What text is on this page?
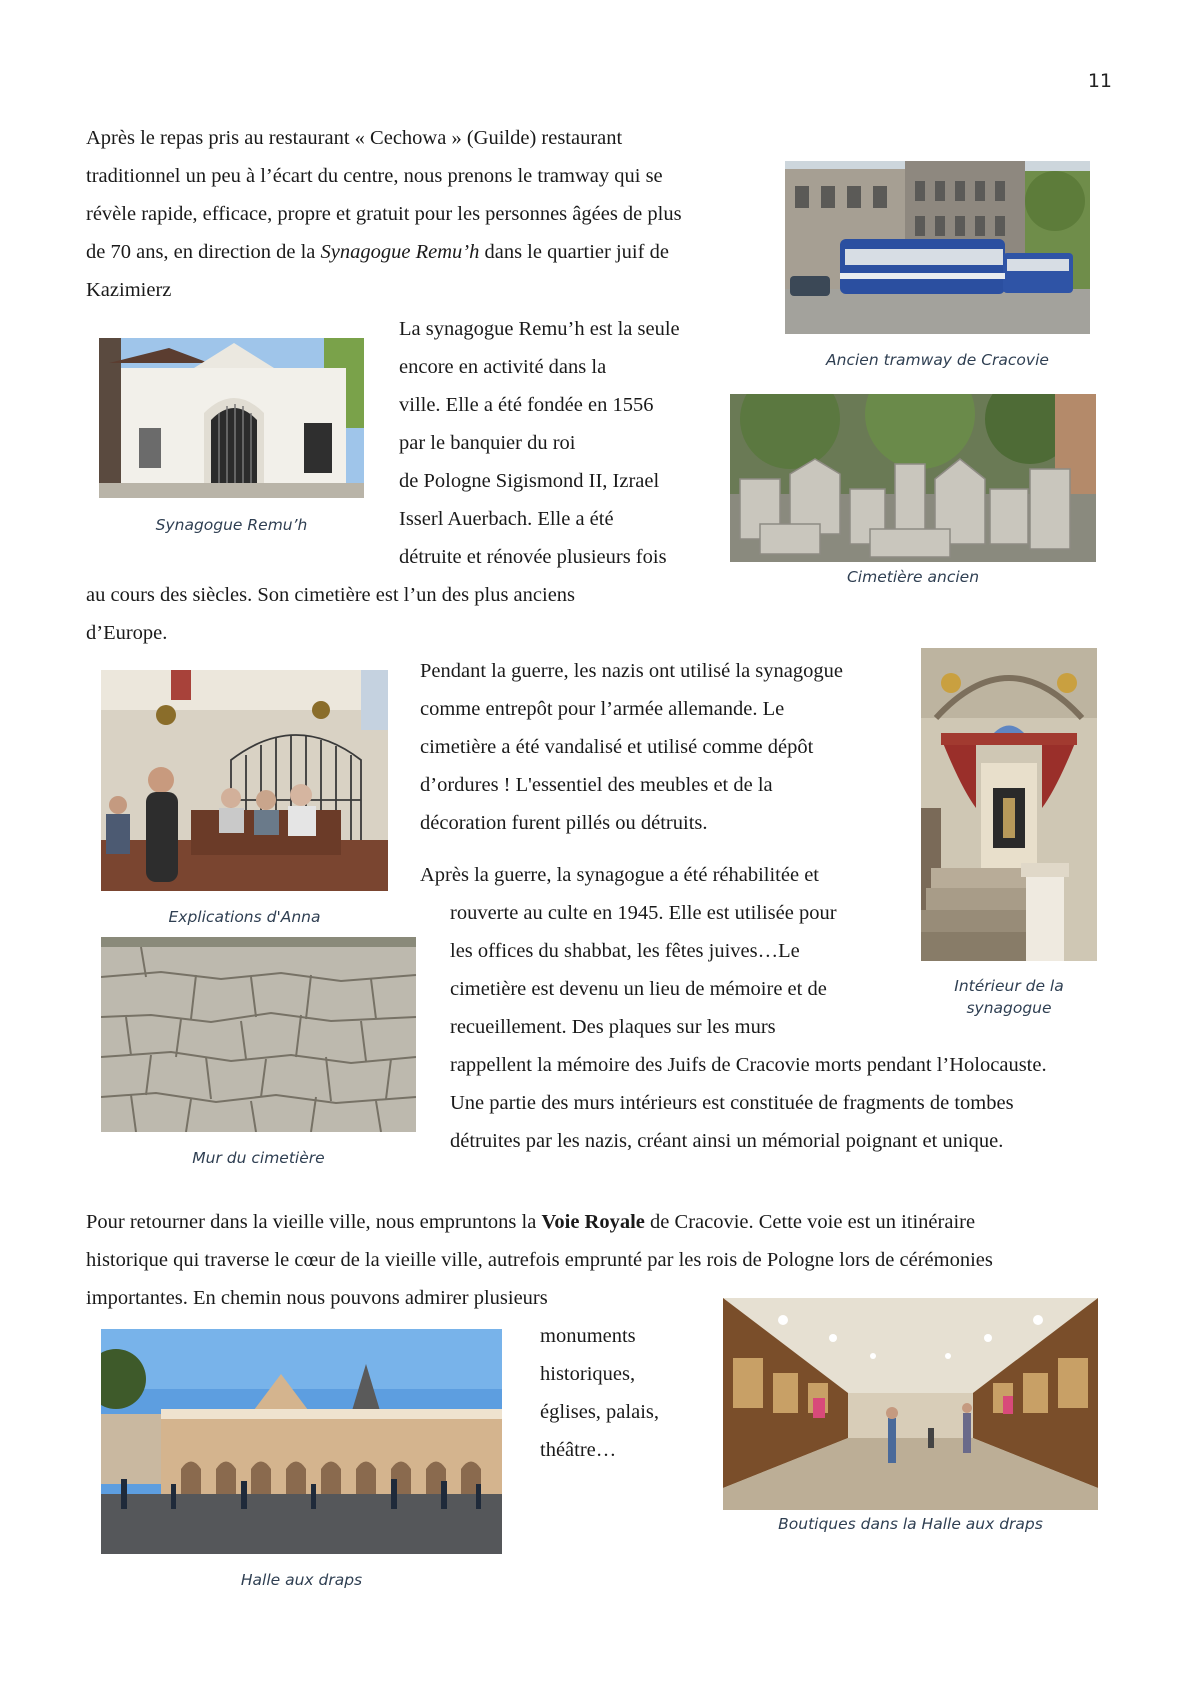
11
Après le repas pris au restaurant « Cechowa » (Guilde) restaurant
traditionnel un peu à l’écart du centre, nous prenons le tramway qui se
révèle rapide, efficace, propre et gratuit pour les personnes âgées de plus
de 70 ans, en direction de la Synagogue Remu’h dans le quartier juif de
Kazimierz
La synagogue Remu’h est la seule
encore en activité dans la
ville. Elle a été fondée en 1556
par le banquier du roi
de Pologne Sigismond II, Izrael
Isserl Auerbach. Elle a été
détruite et rénovée plusieurs fois
au cours des siècles. Son cimetière est l’un des plus anciens
d’Europe.
Pendant la guerre, les nazis ont utilisé la synagogue
comme entrepôt pour l’armée allemande. Le
cimetière a été vandalisé et utilisé comme dépôt
d’ordures ! L'essentiel des meubles et de la
décoration furent pillés ou détruits.
Après la guerre, la synagogue a été réhabilitée et
rouverte au culte en 1945. Elle est utilisée pour
les offices du shabbat, les fêtes juives…Le
cimetière est devenu un lieu de mémoire et de
recueillement. Des plaques sur les murs
rappellent la mémoire des Juifs de Cracovie morts pendant l’Holocauste.
Une partie des murs intérieurs est constituée de fragments de tombes
détruites par les nazis, créant ainsi un mémorial poignant et unique.
Pour retourner dans la vieille ville, nous empruntons la Voie Royale de Cracovie. Cette voie est un itinéraire
historique qui traverse le cœur de la vieille ville, autrefois emprunté par les rois de Pologne lors de cérémonies
importantes. En chemin nous pouvons admirer plusieurs
monuments
historiques,
églises, palais,
théâtre…
Ancien tramway de Cracovie
Synagogue Remu’h
Cimetière ancien
Explications d'Anna
Intérieur de la
synagogue
Mur du cimetière
Boutiques dans la Halle aux draps
Halle aux draps
